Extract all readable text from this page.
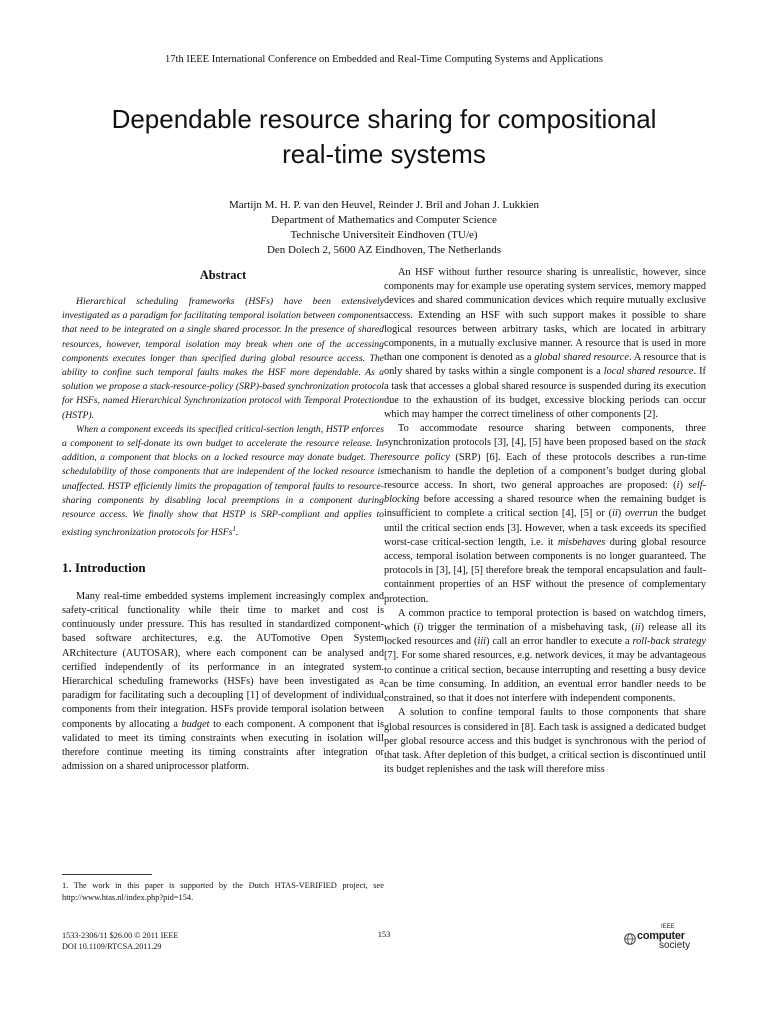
17th IEEE International Conference on Embedded and Real-Time Computing Systems and Applications
Dependable resource sharing for compositional
real-time systems
Martijn M. H. P. van den Heuvel, Reinder J. Bril and Johan J. Lukkien
Department of Mathematics and Computer Science
Technische Universiteit Eindhoven (TU/e)
Den Dolech 2, 5600 AZ Eindhoven, The Netherlands
Abstract

Hierarchical scheduling frameworks (HSFs) have been extensively investigated as a paradigm for facilitating temporal isolation between components that need to be integrated on a single shared processor. In the presence of shared resources, however, temporal isolation may break when one of the accessing components executes longer than specified during global resource access. The ability to confine such temporal faults makes the HSF more dependable. As a solution we propose a stack-resource-policy (SRP)-based synchronization protocol for HSFs, named Hierarchical Synchronization protocol with Temporal Protection (HSTP).

When a component exceeds its specified critical-section length, HSTP enforces a component to self-donate its own budget to accelerate the resource release. In addition, a component that blocks on a locked resource may donate budget. The schedulability of those components that are independent of the locked resource is unaffected. HSTP efficiently limits the propagation of temporal faults to resource-sharing components by disabling local preemptions in a component during resource access. We finally show that HSTP is SRP-compliant and applies to existing synchronization protocols for HSFs$^1$.

1. Introduction

Many real-time embedded systems implement increasingly complex and safety-critical functionality while their time to market and cost is continuously under pressure. This has resulted in standardized component-based software architectures, e.g. the AUTomotive Open System ARchitecture (AUTOSAR), where each component can be analysed and certified independently of its performance in an integrated system. Hierarchical scheduling frameworks (HSFs) have been investigated as a paradigm for facilitating such a decoupling [1] of development of individual components from their integration. HSFs provide temporal isolation between components by allocating a budget to each component. A component that is validated to meet its timing constraints when executing in isolation will therefore continue meeting its timing constraints after integration or admission on a shared uniprocessor platform.

1. The work in this paper is supported by the Dutch HTAS-VERIFIED project, see http://www.htas.nl/index.php?pid=154.

An HSF without further resource sharing is unrealistic, however, since components may for example use operating system services, memory mapped devices and shared communication devices which require mutually exclusive access. Extending an HSF with such support makes it possible to share logical resources between arbitrary tasks, which are located in arbitrary components, in a mutually exclusive manner. A resource that is used in more than one component is denoted as a global shared resource. A resource that is only shared by tasks within a single component is a local shared resource. If a task that accesses a global shared resource is suspended during its execution due to the exhaustion of its budget, excessive blocking periods can occur which may hamper the correct timeliness of other components [2].

To accommodate resource sharing between components, three synchronization protocols [3], [4], [5] have been proposed based on the stack resource policy (SRP) [6]. Each of these protocols describes a run-time mechanism to handle the depletion of a component’s budget during global resource access. In short, two general approaches are proposed: (i) self-blocking before accessing a shared resource when the remaining budget is insufficient to complete a critical section [4], [5] or (ii) overrun the budget until the critical section ends [3]. However, when a task exceeds its specified worst-case critical-section length, i.e. it misbehaves during global resource access, temporal isolation between components is no longer guaranteed. The protocols in [3], [4], [5] therefore break the temporal encapsulation and fault-containment properties of an HSF without the presence of complementary protection.

A common practice to temporal protection is based on watchdog timers, which (i) trigger the termination of a misbehaving task, (ii) release all its locked resources and (iii) call an error handler to execute a roll-back strategy [7]. For some shared resources, e.g. network devices, it may be advantageous to continue a critical section, because interrupting and resetting a busy device can be time consuming. In addition, an eventual error handler needs to be constrained, so that it does not interfere with independent components.

A solution to confine temporal faults to those components that share global resources is considered in [8]. Each task is assigned a dedicated budget per global resource access and this budget is synchronous with the period of that task. After depletion of this budget, a critical section is discontinued until its budget replenishes and the task will therefore miss

1533-2306/11 $26.00 © 2011 IEEE
DOI 10.1109/RTCSA.2011.29
153
IEEE
computer
society
